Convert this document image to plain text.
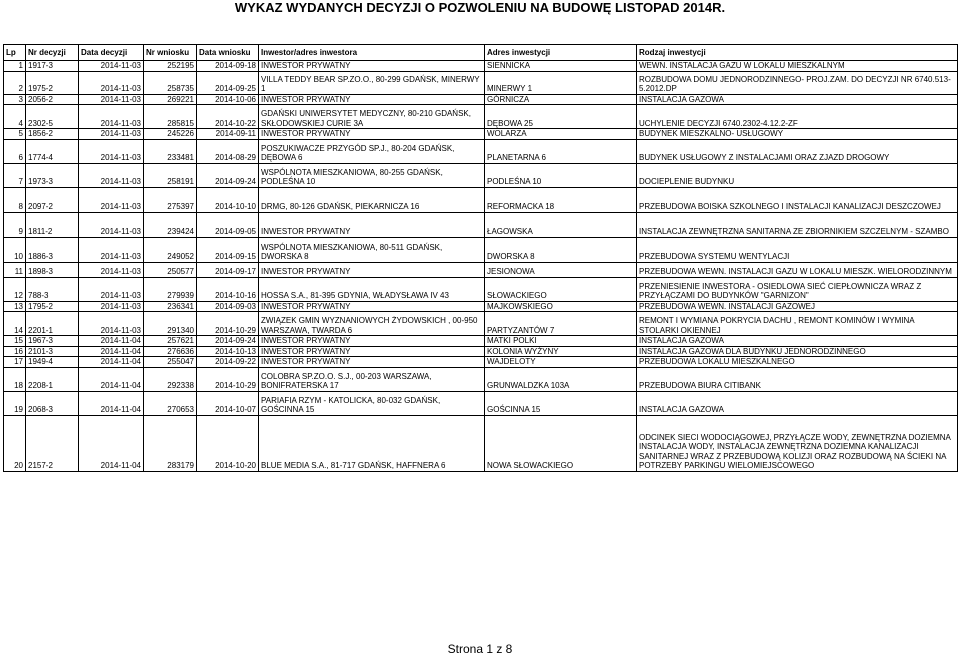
WYKAZ WYDANYCH DECYZJI O POZWOLENIU NA BUDOWĘ LISTOPAD 2014R.
Lp	Nr decyzji	Data decyzji	Nr wniosku	Data wniosku	Inwestor/adres inwestora	Adres inwestycji	Rodzaj inwestycji
1	1917-3	2014-11-03	252195	2014-09-18	INWESTOR PRYWATNY	SIENNICKA	WEWN. INSTALACJA GAZU W LOKALU MIESZKALNYM
2	1975-2	2014-11-03	258735	2014-09-25	VILLA TEDDY BEAR SP.ZO.O., 80-299 GDAŃSK, MINERWY 1	MINERWY 1	ROZBUDOWA DOMU JEDNORODZINNEGO- PROJ.ZAM. DO DECYZJI NR 6740.513-5.2012.DP
3	2056-2	2014-11-03	269221	2014-10-06	INWESTOR PRYWATNY	GÓRNICZA	INSTALACJA GAZOWA
4	2302-5	2014-11-03	285815	2014-10-22	GDAŃSKI UNIWERSYTET MEDYCZNY, 80-210 GDAŃSK, SKŁODOWSKIEJ CURIE 3A	DĘBOWA 25	UCHYLENIE DECYZJI 6740.2302-4.12.2-ZF
5	1856-2	2014-11-03	245226	2014-09-11	INWESTOR PRYWATNY	WOLARZA	BUDYNEK MIESZKALNO- USŁUGOWY
6	1774-4	2014-11-03	233481	2014-08-29	POSZUKIWACZE PRZYGÓD SP.J., 80-204 GDAŃSK, DĘBOWA 6	PLANETARNA 6	BUDYNEK USŁUGOWY Z INSTALACJAMI ORAZ ZJAZD DROGOWY
7	1973-3	2014-11-03	258191	2014-09-24	WSPÓLNOTA MIESZKANIOWA, 80-255 GDAŃSK, PODLEŚNA 10	PODLEŚNA 10	DOCIEPLENIE BUDYNKU
8	2097-2	2014-11-03	275397	2014-10-10	DRMG, 80-126 GDAŃSK, PIEKARNICZA 16	REFORMACKA 18	PRZEBUDOWA BOISKA SZKOLNEGO I INSTALACJI KANALIZACJI DESZCZOWEJ
9	1811-2	2014-11-03	239424	2014-09-05	INWESTOR PRYWATNY	ŁAGOWSKA	INSTALACJA ZEWNĘTRZNA SANITARNA ZE ZBIORNIKIEM SZCZELNYM - SZAMBO
10	1886-3	2014-11-03	249052	2014-09-15	WSPÓLNOTA MIESZKANIOWA, 80-511 GDAŃSK, DWORSKA 8	DWORSKA 8	PRZEBUDOWA SYSTEMU WENTYLACJI
11	1898-3	2014-11-03	250577	2014-09-17	INWESTOR PRYWATNY	JESIONOWA	PRZEBUDOWA WEWN. INSTALACJI GAZU W LOKALU MIESZK. WIELORODZINNYM
12	788-3	2014-11-03	279939	2014-10-16	HOSSA S.A., 81-395 GDYNIA, WŁADYSŁAWA IV 43	SŁOWACKIEGO	PRZENIESIENIE INWESTORA - OSIEDLOWA SIEĆ CIEPŁOWNICZA WRAZ Z PRZYŁĄCZAMI DO BUDYNKÓW "GARNIZON"
13	1795-2	2014-11-03	236341	2014-09-03	INWESTOR PRYWATNY	MAJKOWSKIEGO	PRZEBUDOWA WEWN. INSTALACJI GAZOWEJ
14	2201-1	2014-11-03	291340	2014-10-29	ZWIĄZEK GMIN WYZNANIOWYCH ŻYDOWSKICH , 00-950 WARSZAWA, TWARDA 6	PARTYZANTÓW 7	REMONT I WYMIANA POKRYCIA DACHU , REMONT KOMINÓW I WYMINA STOLARKI OKIENNEJ
15	1967-3	2014-11-04	257621	2014-09-24	INWESTOR PRYWATNY	MATKI POLKI	INSTALACJA GAZOWA
16	2101-3	2014-11-04	276636	2014-10-13	INWESTOR PRYWATNY	KOLONIA WYŻYNY	INSTALACJA GAZOWA DLA BUDYNKU JEDNORODZINNEGO
17	1949-4	2014-11-04	255047	2014-09-22	INWESTOR PRYWATNY	WAJDELOTY	PRZEBUDOWA LOKALU MIESZKALNEGO
18	2208-1	2014-11-04	292338	2014-10-29	COLOBRA SP.ZO.O. S.J., 00-203 WARSZAWA, BONIFRATERSKA 17	GRUNWALDZKA 103A	PRZEBUDOWA BIURA CITIBANK
19	2068-3	2014-11-04	270653	2014-10-07	PARIAFIA RZYM - KATOLICKA, 80-032 GDAŃSK, GOŚCINNA 15	GOŚCINNA 15	INSTALACJA GAZOWA
20	2157-2	2014-11-04	283179	2014-10-20	BLUE MEDIA S.A., 81-717 GDAŃSK, HAFFNERA 6	NOWA SŁOWACKIEGO	ODCINEK SIECI WODOCIĄGOWEJ, PRZYŁĄCZE WODY, ZEWNĘTRZNA DOZIEMNA INSTALACJA WODY, INSTALACJA ZEWNĘTRZNA DOZIEMNA KANALIZACJI SANITARNEJ WRAZ Z PRZEBUDOWĄ KOLIZJI ORAZ ROZBUDOWĄ NA ŚCIEKI NA POTRZEBY PARKINGU WIELOMIEJSCOWEGO
Strona 1 z 8
